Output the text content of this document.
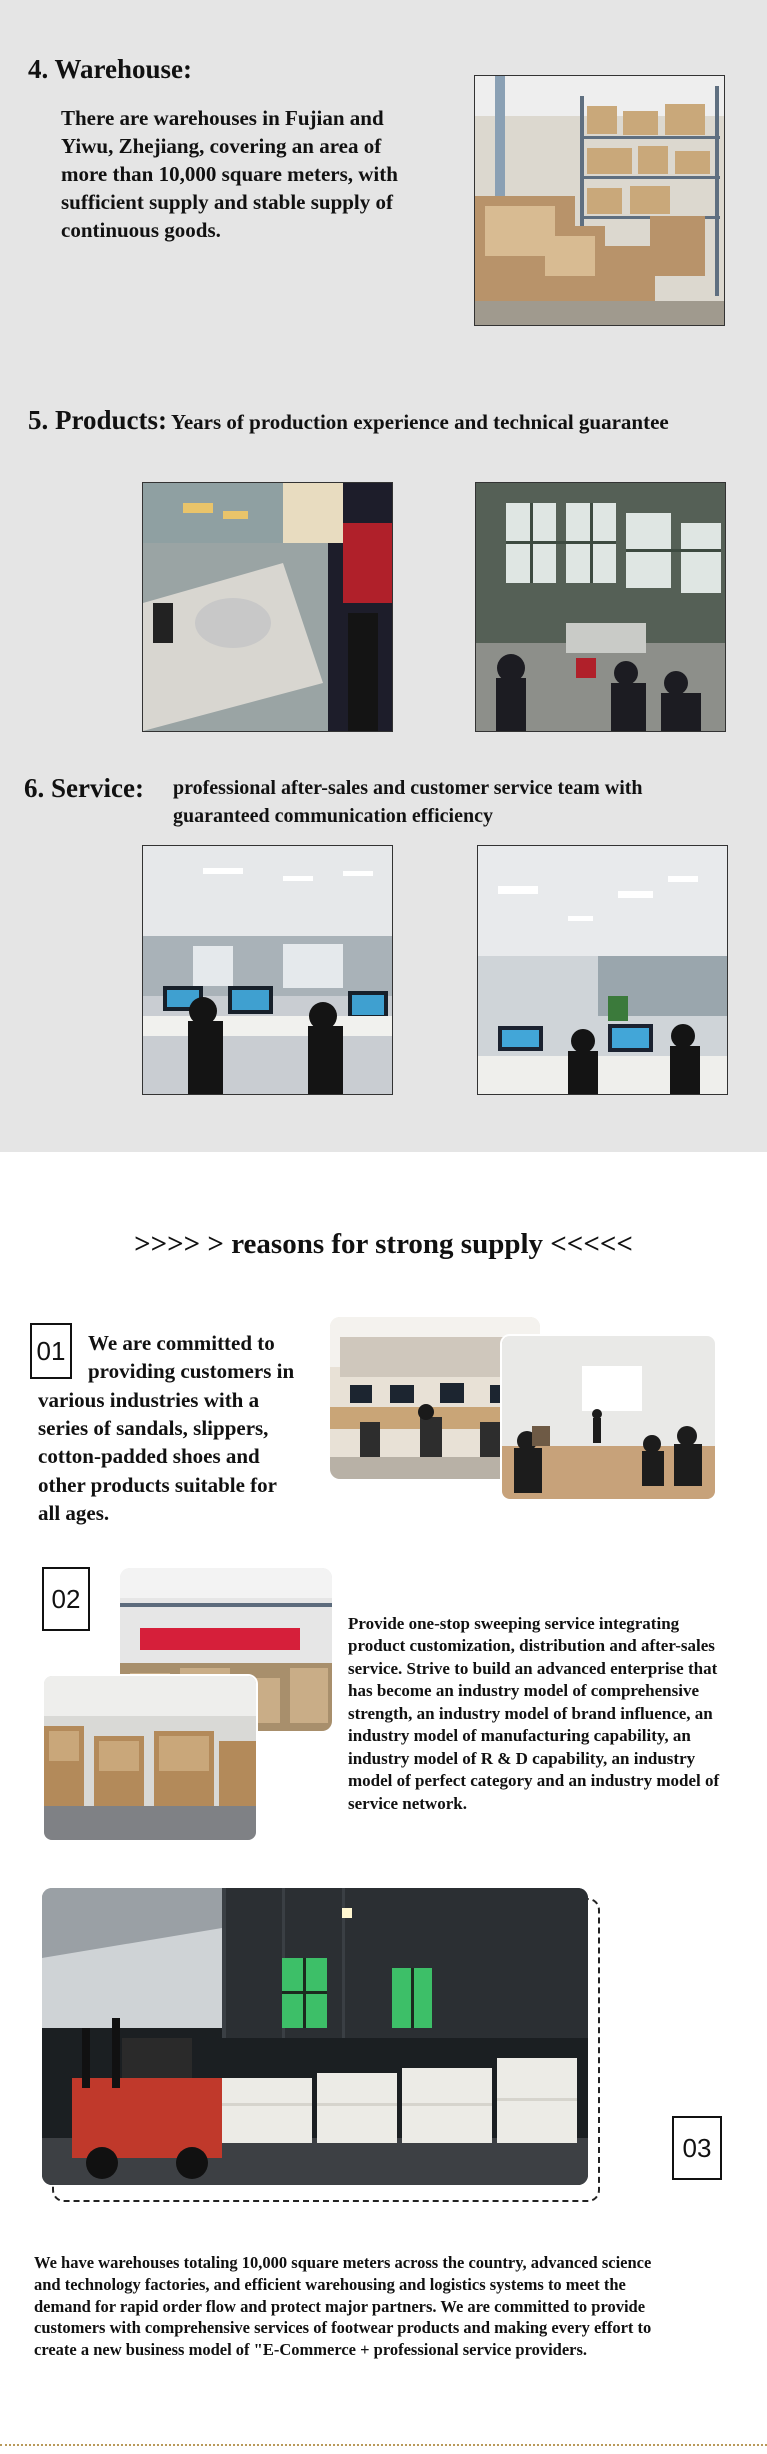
4. Warehouse:
There are warehouses in Fujian and
Yiwu, Zhejiang, covering an area of
more than 10,000 square meters, with
sufficient supply and stable supply of
continuous goods.
5. Products: Years of production experience and technical guarantee
6. Service: professional after-sales and customer service team with
guaranteed communication efficiency
>>>> > reasons for strong supply <<<<<
01	We are committed to
providing customers in
various industries with a
series of sandals, slippers,
cotton-padded shoes and
other products suitable for
all ages.
02
Provide one-stop sweeping service integrating
product customization, distribution and after-sales
service. Strive to build an advanced enterprise that
has become an industry model of comprehensive
strength, an industry model of brand influence, an
industry model of manufacturing capability, an
industry model of R & D capability, an industry
model of perfect category and an industry model of
service network.
03
We have warehouses totaling 10,000 square meters across the country, advanced science
and technology factories, and efficient warehousing and logistics systems to meet the
demand for rapid order flow and protect major partners. We are committed to provide
customers with comprehensive services of footwear products and making every effort to
create a new business model of "E-Commerce + professional service providers.
